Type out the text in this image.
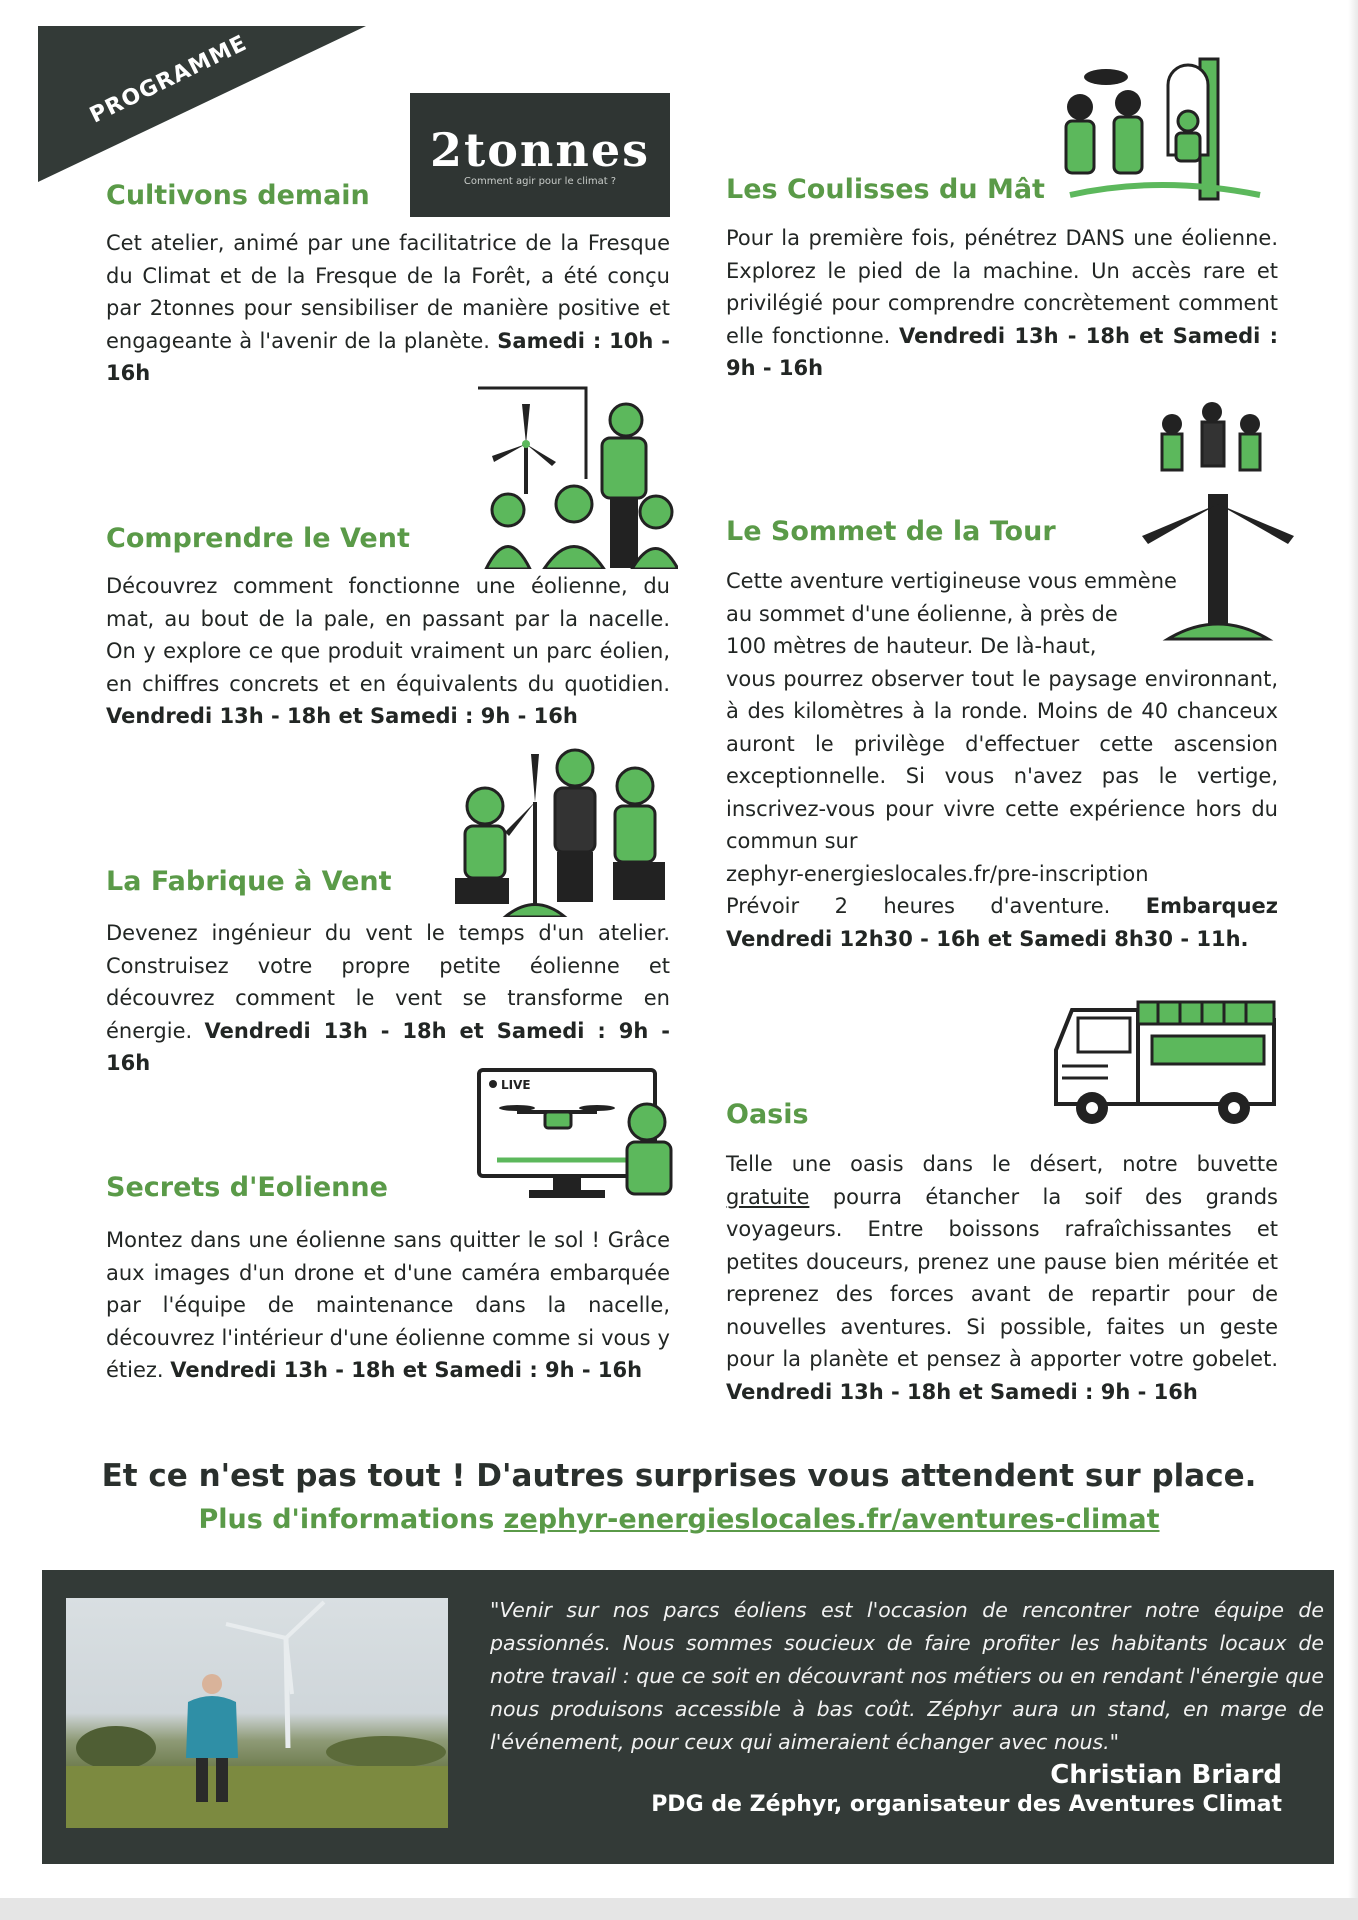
PROGRAMME
2tonnes
Comment agir pour le climat ?
Cultivons demain
Cet atelier, animé par une facilitatrice de la Fresque du Climat et de la Fresque de la Forêt, a été conçu par 2tonnes pour sensibiliser de manière positive et engageante à l'avenir de la planète. Samedi : 10h - 16h
Comprendre le Vent
Découvrez comment fonctionne une éolienne, du mat, au bout de la pale, en passant par la nacelle. On y explore ce que produit vraiment un parc éolien, en chiffres concrets et en équivalents du quotidien. Vendredi 13h - 18h et Samedi : 9h - 16h
La Fabrique à Vent
Devenez ingénieur du vent le temps d'un atelier. Construisez votre propre petite éolienne et découvrez comment le vent se transforme en énergie. Vendredi 13h - 18h et Samedi : 9h - 16h
LIVE
Secrets d'Eolienne
Montez dans une éolienne sans quitter le sol ! Grâce aux images d'un drone et d'une caméra embarquée par l'équipe de maintenance dans la nacelle, découvrez l'intérieur d'une éolienne comme si vous y étiez. Vendredi 13h - 18h et Samedi : 9h - 16h
Les Coulisses du Mât
Pour la première fois, pénétrez DANS une éolienne. Explorez le pied de la machine. Un accès rare et privilégié pour comprendre concrètement comment elle fonctionne. Vendredi 13h - 18h et Samedi : 9h - 16h
Le Sommet de la Tour
Cette aventure vertigineuse vous emmène
au sommet d'une éolienne, à près de
100 mètres de hauteur. De là-haut,
vous pourrez observer tout le paysage environnant, à des kilomètres à la ronde. Moins de 40 chanceux auront le privilège d'effectuer cette ascension exceptionnelle. Si vous n'avez pas le vertige, inscrivez-vous pour vivre cette expérience hors du commun sur
zephyr-energieslocales.fr/pre-inscription
Prévoir 2 heures d'aventure. Embarquez
Vendredi 12h30 - 16h et Samedi 8h30 - 11h.
Oasis
Telle une oasis dans le désert, notre buvette gratuite pourra étancher la soif des grands voyageurs. Entre boissons rafraîchissantes et petites douceurs, prenez une pause bien méritée et reprenez des forces avant de repartir pour de nouvelles aventures. Si possible, faites un geste pour la planète et pensez à apporter votre gobelet. Vendredi 13h - 18h et Samedi : 9h - 16h
Et ce n'est pas tout ! D'autres surprises vous attendent sur place.
Plus d'informations zephyr-energieslocales.fr/aventures-climat
"Venir sur nos parcs éoliens est l'occasion de rencontrer notre équipe de passionnés. Nous sommes soucieux de faire profiter les habitants locaux de notre travail : que ce soit en découvrant nos métiers ou en rendant l'énergie que nous produisons accessible à bas coût. Zéphyr aura un stand, en marge de l'événement, pour ceux qui aimeraient échanger avec nous."
Christian Briard
PDG de Zéphyr, organisateur des Aventures Climat
